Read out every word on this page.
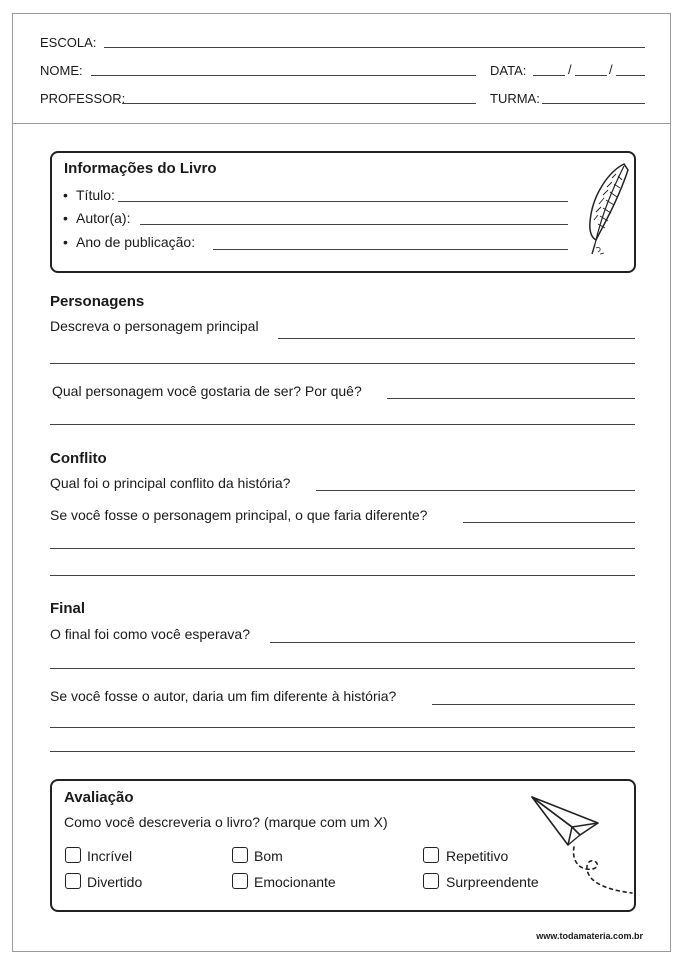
ESCOLA:
NOME:	DATA:	/	/
PROFESSOR:	TURMA:
Informações do Livro
• Título:
• Autor(a):
• Ano de publicação:
Personagens
Descreva o personagem principal
Qual personagem você gostaria de ser? Por quê?
Conflito
Qual foi o principal conflito da história?
Se você fosse o personagem principal, o que faria diferente?
Final
O final foi como você esperava?
Se você fosse o autor, daria um fim diferente à história?
Avaliação
Como você descreveria o livro? (marque com um X)
Incrível	Bom	Repetitivo
Divertido	Emocionante	Surpreendente
www.todamateria.com.br
